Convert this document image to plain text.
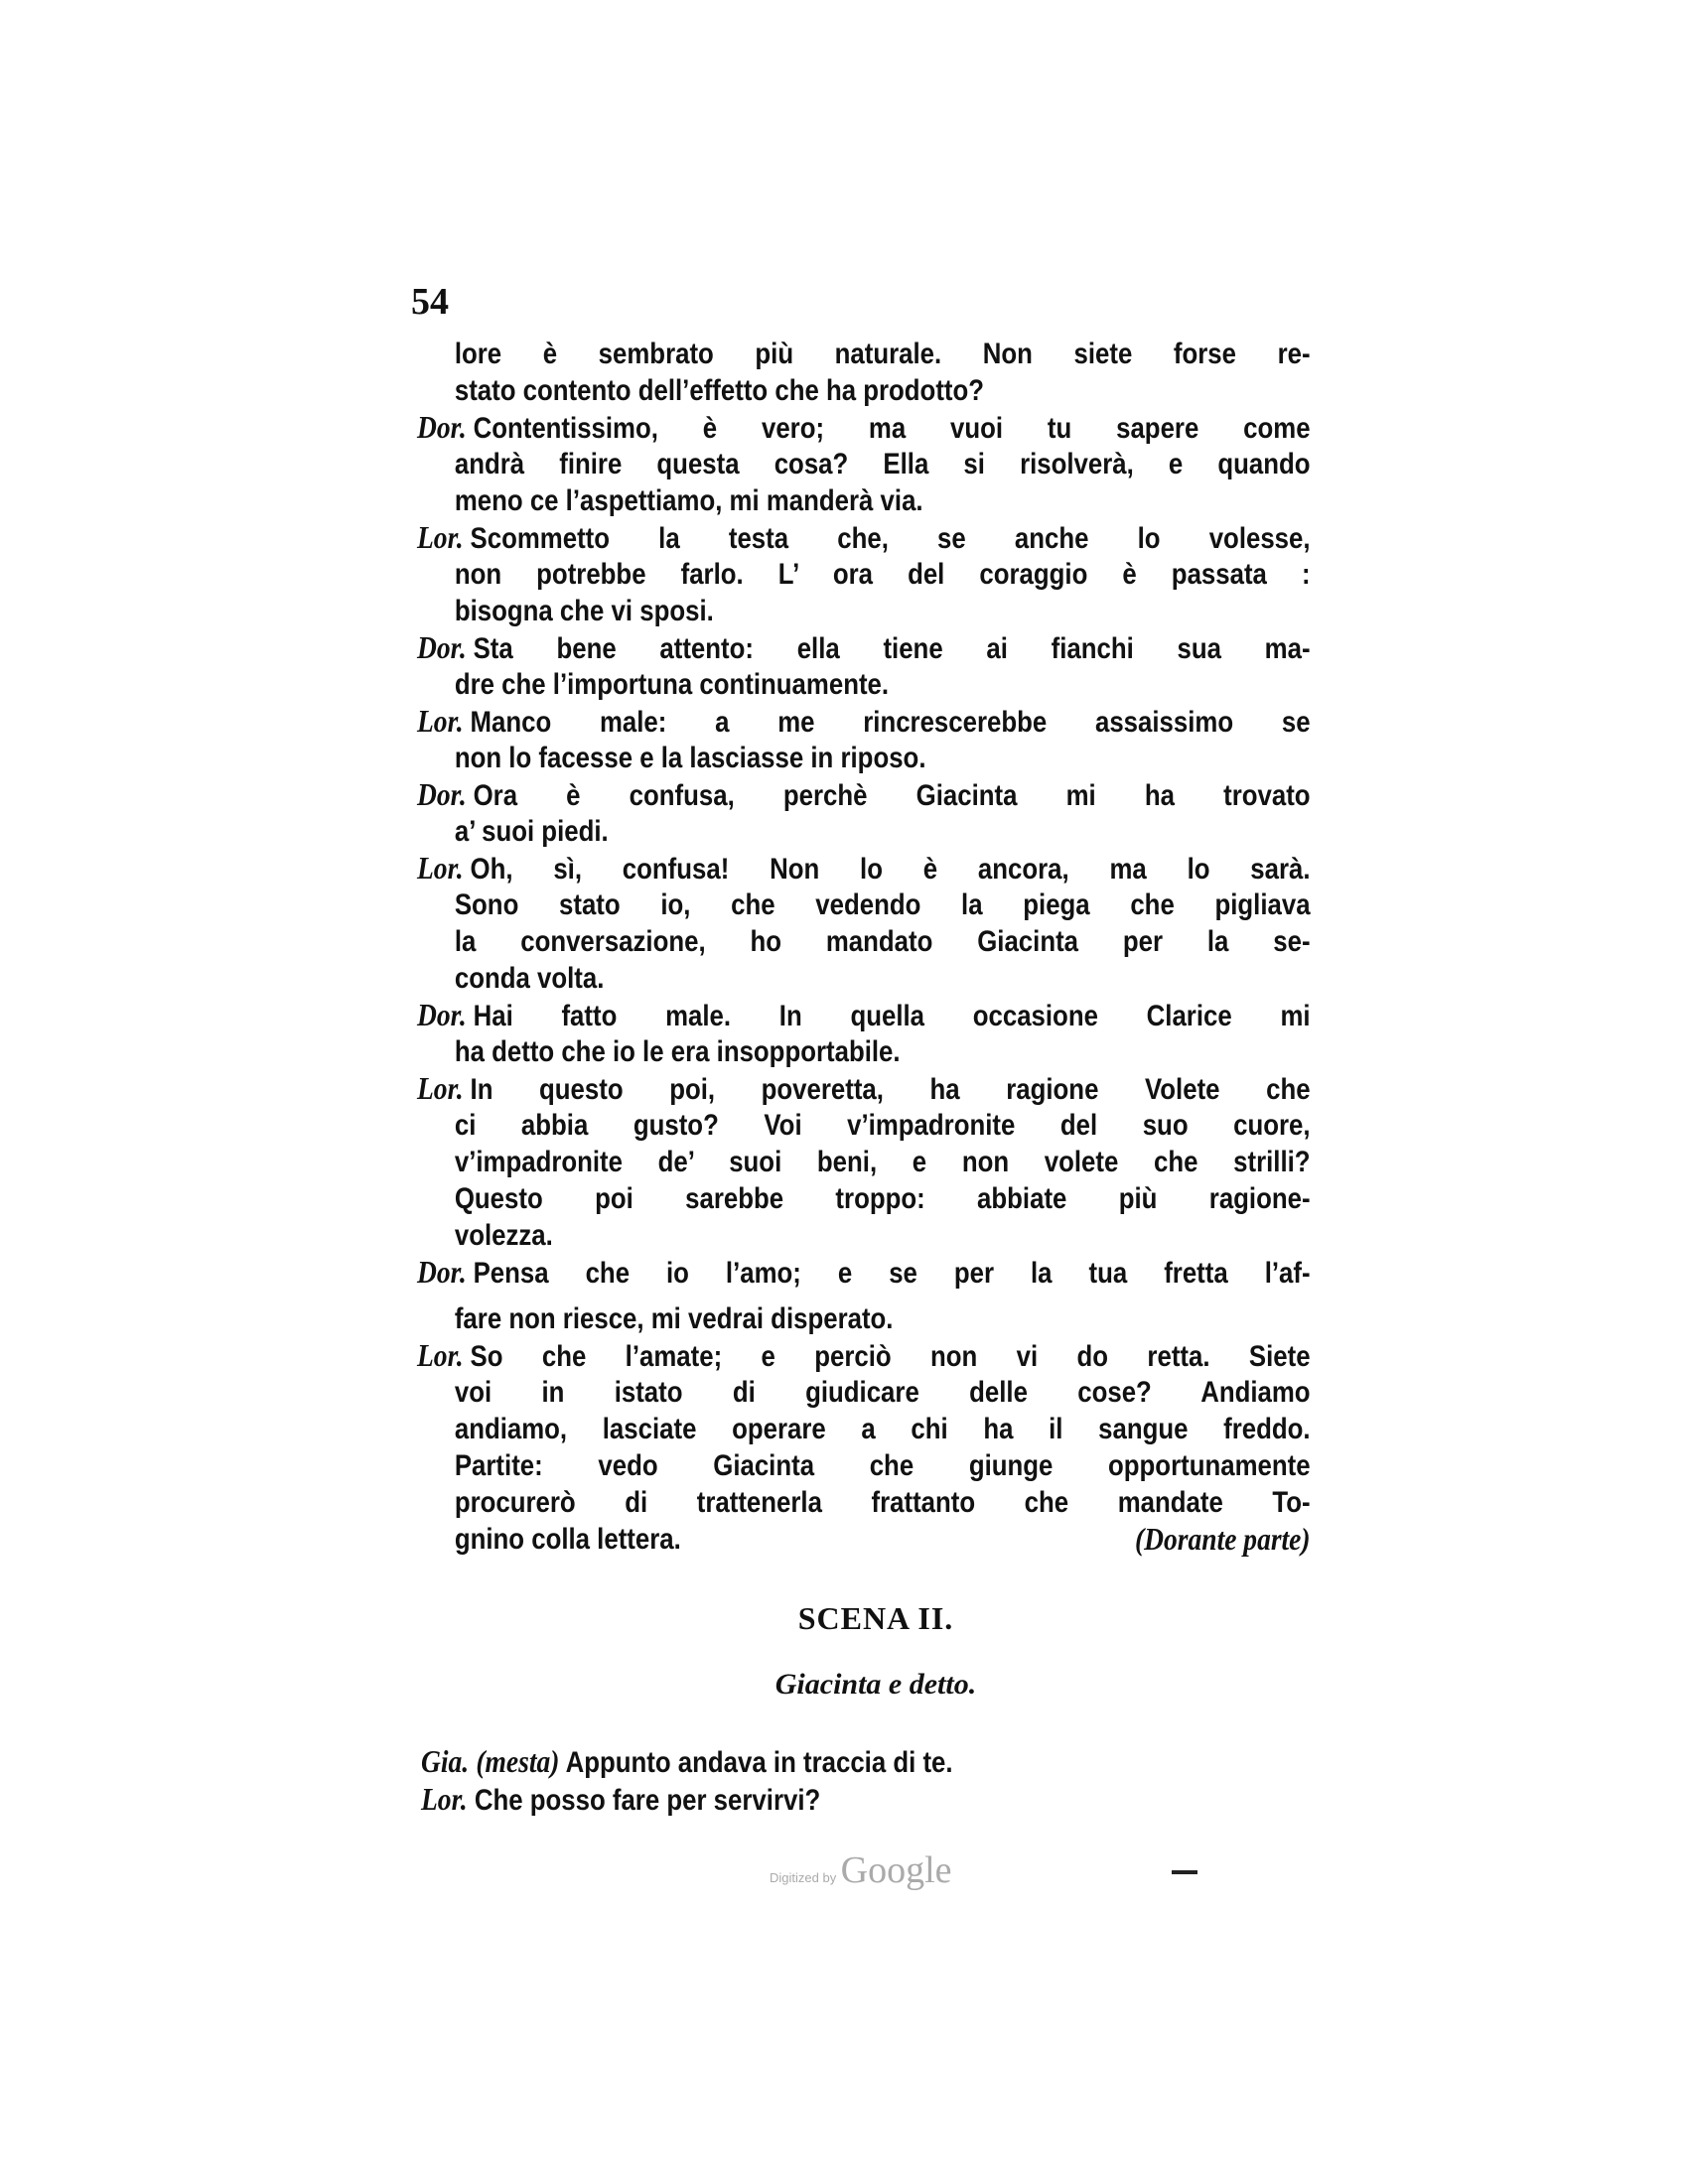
54
lore è sembrato più naturale. Non siete forse re-
stato contento dell’effetto che ha prodotto?
Dor. Contentissimo, è vero; ma vuoi tu sapere come
andrà finire questa cosa? Ella si risolverà, e quando
meno ce l’aspettiamo, mi manderà via.
Lor. Scommetto la testa che, se anche lo volesse,
non potrebbe farlo. L’ ora del coraggio è passata :
bisogna che vi sposi.
Dor. Sta bene attento: ella tiene ai fianchi sua ma-
dre che l’importuna continuamente.
Lor. Manco male: a me rincrescerebbe assaissimo se
non lo facesse e la lasciasse in riposo.
Dor. Ora è confusa, perchè Giacinta mi ha trovato
a’ suoi piedi.
Lor. Oh, sì, confusa! Non lo è ancora, ma lo sarà.
Sono stato io, che vedendo la piega che pigliava
la conversazione, ho mandato Giacinta per la se-
conda volta.
Dor. Hai fatto male. In quella occasione Clarice mi
ha detto che io le era insopportabile.
Lor. In questo poi, poveretta, ha ragione Volete che
ci abbia gusto? Voi v’impadronite del suo cuore,
v’impadronite de’ suoi beni, e non volete che strilli?
Questo poi sarebbe troppo: abbiate più ragione-
volezza.
Dor. Pensa che io l’amo; e se per la tua fretta l’af-
fare non riesce, mi vedrai disperato.
Lor. So che l’amate; e perciò non vi do retta. Siete
voi in istato di giudicare delle cose? Andiamo
andiamo, lasciate operare a chi ha il sangue freddo.
Partite: vedo Giacinta che giunge opportunamente
procurerò di trattenerla frattanto che mandate To-
gnino colla lettera.	(Dorante parte)
SCENA II.
Giacinta e detto.
Gia. (mesta) Appunto andava in traccia di te.
Lor. Che posso fare per servirvi?
Digitized by Google
